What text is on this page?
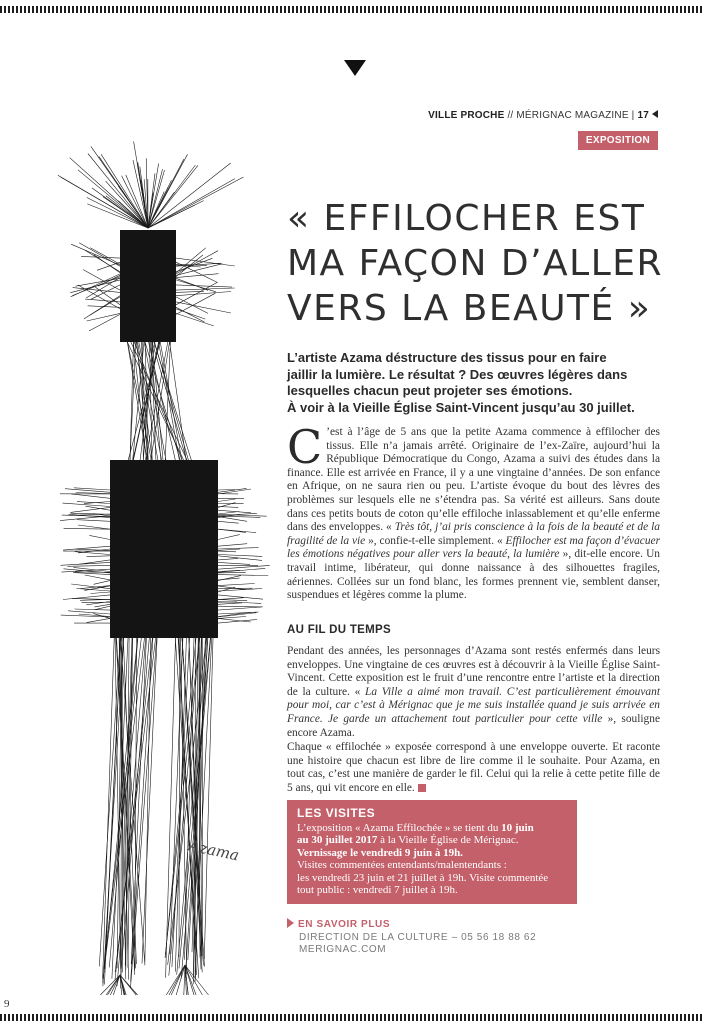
VILLE PROCHE // MÉRIGNAC MAGAZINE | 17
EXPOSITION
Azama
« EFFILOCHER EST
MA FAÇON D’ALLER
VERS LA BEAUTÉ »

L’artiste Azama déstructure des tissus pour en faire
jaillir la lumière. Le résultat ? Des œuvres légères dans
lesquelles chacun peut projeter ses émotions.
À voir à la Vieille Église Saint-Vincent jusqu’au 30 juillet.

C ’est à l’âge de 5 ans que la petite Azama commence à effilocher des tissus. Elle n’a jamais arrêté. Originaire de l’ex-Zaïre, aujourd’hui la République Démocratique du Congo, Azama a suivi des études dans la finance. Elle est arrivée en France, il y a une vingtaine d’années. De son enfance en Afrique, on ne saura rien ou peu. L’artiste évoque du bout des lèvres des problèmes sur lesquels elle ne s’étendra pas. Sa vérité est ailleurs. Sans doute dans ces petits bouts de coton qu’elle effiloche inlassablement et qu’elle enferme dans des enveloppes. « Très tôt, j’ai pris conscience à la fois de la beauté et de la fragilité de la vie », confie-t-elle simplement. « Effilocher est ma façon d’évacuer les émotions négatives pour aller vers la beauté, la lumière », dit-elle encore. Un travail intime, libérateur, qui donne naissance à des silhouettes fragiles, aériennes. Collées sur un fond blanc, les formes prennent vie, semblent danser, suspendues et légères comme la plume.

AU FIL DU TEMPS

Pendant des années, les personnages d’Azama sont restés enfermés dans leurs enveloppes. Une vingtaine de ces œuvres est à découvrir à la Vieille Église Saint-Vincent. Cette exposition est le fruit d’une rencontre entre l’artiste et la direction de la culture. « La Ville a aimé mon travail. C’est particulièrement émouvant pour moi, car c’est à Mérignac que je me suis installée quand je suis arrivée en France. Je garde un attachement tout particulier pour cette ville », souligne encore Azama.

Chaque « effilochée » exposée correspond à une enveloppe ouverte. Et raconte une histoire que chacun est libre de lire comme il le souhaite. Pour Azama, en tout cas, c’est une manière de garder le fil. Celui qui la relie à cette petite fille de 5 ans, qui vit encore en elle.

LES VISITES

L’exposition « Azama Effilochée » se tient du 10 juin

au 30 juillet 2017 à la Vieille Église de Mérignac.

Vernissage le vendredi 9 juin à 19h.

Visites commentées entendants/malentendants :

les vendredi 23 juin et 21 juillet à 19h. Visite commentée

tout public : vendredi 7 juillet à 19h.

EN SAVOIR PLUS
DIRECTION DE LA CULTURE – 05 56 18 88 62
MERIGNAC.COM
9
